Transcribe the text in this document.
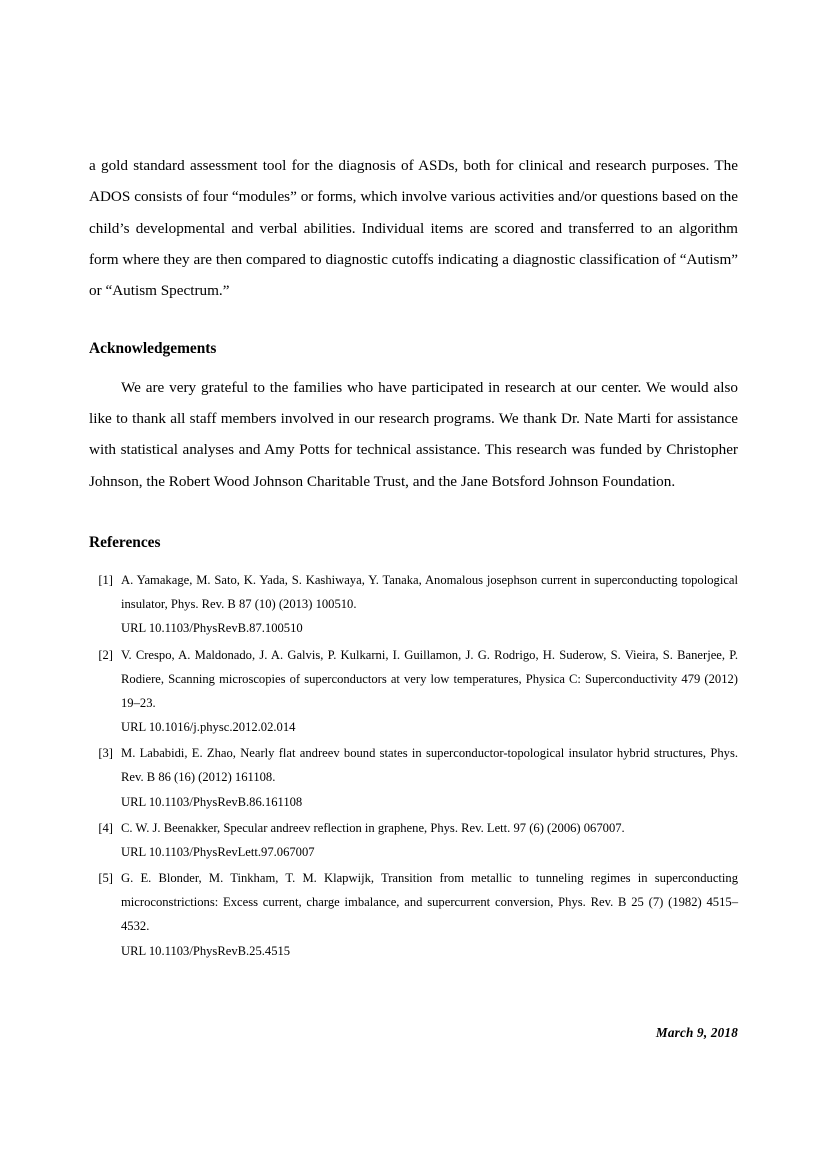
a gold standard assessment tool for the diagnosis of ASDs, both for clinical and research purposes. The ADOS consists of four “modules” or forms, which involve various activities and/or questions based on the child’s developmental and verbal abilities. Individual items are scored and transferred to an algorithm form where they are then compared to diagnostic cutoffs indicating a diagnostic classification of “Autism” or “Autism Spectrum.”

Acknowledgements

We are very grateful to the families who have participated in research at our center. We would also like to thank all staff members involved in our research programs. We thank Dr. Nate Marti for assistance with statistical analyses and Amy Potts for technical assistance. This research was funded by Christopher Johnson, the Robert Wood Johnson Charitable Trust, and the Jane Botsford Johnson Foundation.

References
[1] A. Yamakage, M. Sato, K. Yada, S. Kashiwaya, Y. Tanaka, Anomalous josephson current in superconducting topological insulator, Phys. Rev. B 87 (10) (2013) 100510.
URL 10.1103/PhysRevB.87.100510
[2] V. Crespo, A. Maldonado, J. A. Galvis, P. Kulkarni, I. Guillamon, J. G. Rodrigo, H. Suderow, S. Vieira, S. Banerjee, P. Rodiere, Scanning microscopies of superconductors at very low temperatures, Physica C: Superconductivity 479 (2012) 19–23.
URL 10.1016/j.physc.2012.02.014
[3] M. Lababidi, E. Zhao, Nearly flat andreev bound states in superconductor-topological insulator hybrid structures, Phys. Rev. B 86 (16) (2012) 161108.
URL 10.1103/PhysRevB.86.161108
[4] C. W. J. Beenakker, Specular andreev reflection in graphene, Phys. Rev. Lett. 97 (6) (2006) 067007.
URL 10.1103/PhysRevLett.97.067007
[5] G. E. Blonder, M. Tinkham, T. M. Klapwijk, Transition from metallic to tunneling regimes in superconducting microconstrictions: Excess current, charge imbalance, and supercurrent conversion, Phys. Rev. B 25 (7) (1982) 4515–4532.
URL 10.1103/PhysRevB.25.4515
March 9, 2018
